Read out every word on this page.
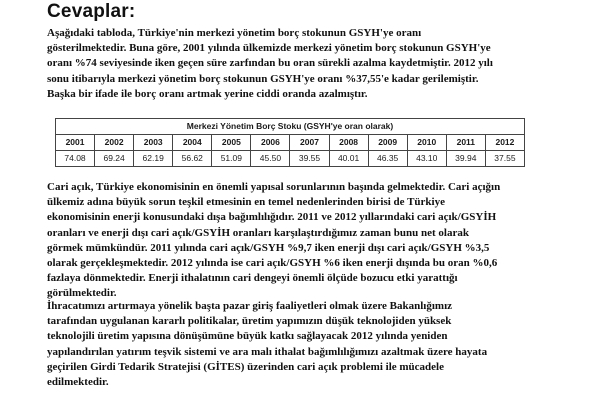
Cevaplar:
Aşağıdaki tabloda, Türkiye'nin merkezi yönetim borç stokunun GSYH'ye oranı
gösterilmektedir. Buna göre, 2001 yılında ülkemizde merkezi yönetim borç stokunun GSYH'ye
oranı %74 seviyesinde iken geçen süre zarfından bu oran sürekli azalma kaydetmiştir. 2012 yılı
sonu itibarıyla merkezi yönetim borç stokunun GSYH'ye oranı %37,55'e kadar gerilemiştir.
Başka bir ifade ile borç oranı artmak yerine ciddi oranda azalmıştır.
Merkezi Yönetim Borç Stoku (GSYH'ye oran olarak)
2001	2002	2003	2004	2005	2006	2007	2008	2009	2010	2011	2012
74.08	69.24	62.19	56.62	51.09	45.50	39.55	40.01	46.35	43.10	39.94	37.55
Cari açık, Türkiye ekonomisinin en önemli yapısal sorunlarının başında gelmektedir. Cari açığın
ülkemiz adına büyük sorun teşkil etmesinin en temel nedenlerinden birisi de Türkiye
ekonomisinin enerji konusundaki dışa bağımlılığıdır. 2011 ve 2012 yıllarındaki cari açık/GSYİH
oranları ve enerji dışı cari açık/GSYİH oranları karşılaştırdığımız zaman bunu net olarak
görmek mümkündür. 2011 yılında cari açık/GSYH %9,7 iken enerji dışı cari açık/GSYH %3,5
olarak gerçekleşmektedir. 2012 yılında ise cari açık/GSYH %6 iken enerji dışında bu oran %0,6
fazlaya dönmektedir. Enerji ithalatının cari dengeyi önemli ölçüde bozucu etki yarattığı
görülmektedir.
İhracatımızı artırmaya yönelik başta pazar giriş faaliyetleri olmak üzere Bakanlığımız
tarafından uygulanan kararlı politikalar, üretim yapımızın düşük teknolojiden yüksek
teknolojili üretim yapısına dönüşümüne büyük katkı sağlayacak 2012 yılında yeniden
yapılandırılan yatırım teşvik sistemi ve ara malı ithalat bağımlılığımızı azaltmak üzere hayata
geçirilen Girdi Tedarik Stratejisi (GİTES) üzerinden cari açık problemi ile mücadele
edilmektedir.
